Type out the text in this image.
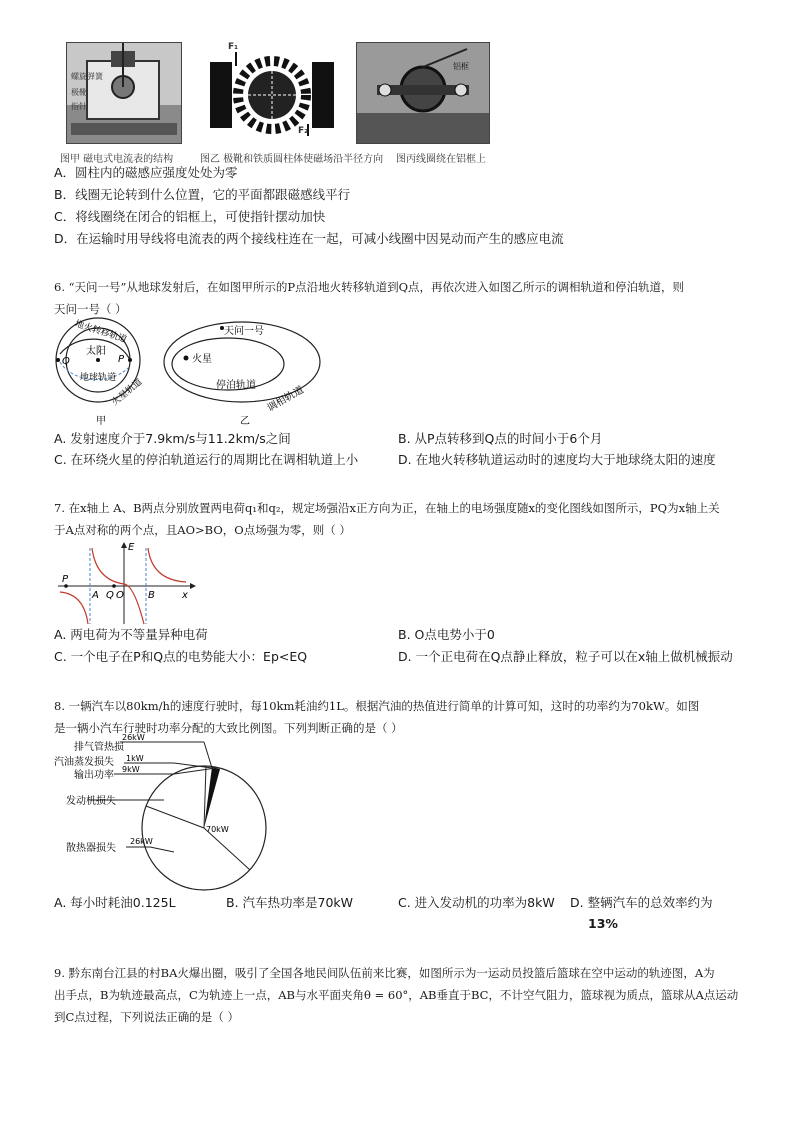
螺旋弹簧
极靴
指针
F₁
F₂
铝框
图甲 磁电式电流表的结构	图乙 极靴和铁质圆柱体使磁场沿半径方向 图丙线圈绕在铝框上
A．圆柱内的磁感应强度处处为零
B．线圈无论转到什么位置，它的平面都跟磁感线平行
C．将线圈绕在闭合的铝框上，可使指针摆动加快
D．在运输时用导线将电流表的两个接线柱连在一起，可减小线圈中因晃动而产生的感应电流
6. “天问一号”从地球发射后，在如图甲所示的P点沿地火转移轨道到Q点，再依次进入如图乙所示的调相轨道和停泊轨道，则
天问一号（ ）
太阳
P
Q
地火转移轨道
地球轨道
火星轨道
甲
火星
天问一号
停泊轨道 调相轨道
乙
A. 发射速度介于7.9km/s与11.2km/s之间	B. 从P点转移到Q点的时间小于6个月
C. 在环绕火星的停泊轨道运行的周期比在调相轨道上小	D. 在地火转移轨道运动时的速度均大于地球绕太阳的速度
7. 在x轴上 A、B两点分别放置两电荷q₁和q₂，规定场强沿x正方向为正，在轴上的电场强度随x的变化图线如图所示，PQ为x轴上关
于A点对称的两个点，且AO>BO，O点场强为零，则（ ）
E
x
P
A Q O B
A. 两电荷为不等量异种电荷	B. O点电势小于0
C. 一个电子在P和Q点的电势能大小：Ep<EQ	D. 一个正电荷在Q点静止释放，粒子可以在x轴上做机械振动
8. 一辆汽车以80km/h的速度行驶时，每10km耗油约1L。根据汽油的热值进行简单的计算可知，这时的功率约为70kW。如图
是一辆小汽车行驶时功率分配的大致比例图。下列判断正确的是（ ）
排气管热损
26kW
汽油蒸发损失 1kW
输出功率
9kW
发动机损失
散热器损失
26kW
70kW
A. 每小时耗油0.125L	B. 汽车热功率是70kW	C. 进入发动机的功率为8kW D. 整辆汽车的总效率约为
13%
9. 黔东南台江县的村BA火爆出圈，吸引了全国各地民间队伍前来比赛，如图所示为一运动员投篮后篮球在空中运动的轨迹图，A为
出手点，B为轨迹最高点，C为轨迹上一点，AB与水平面夹角θ = 60°，AB垂直于BC，不计空气阻力，篮球视为质点，篮球从A点运动
到C点过程，下列说法正确的是（ ）
